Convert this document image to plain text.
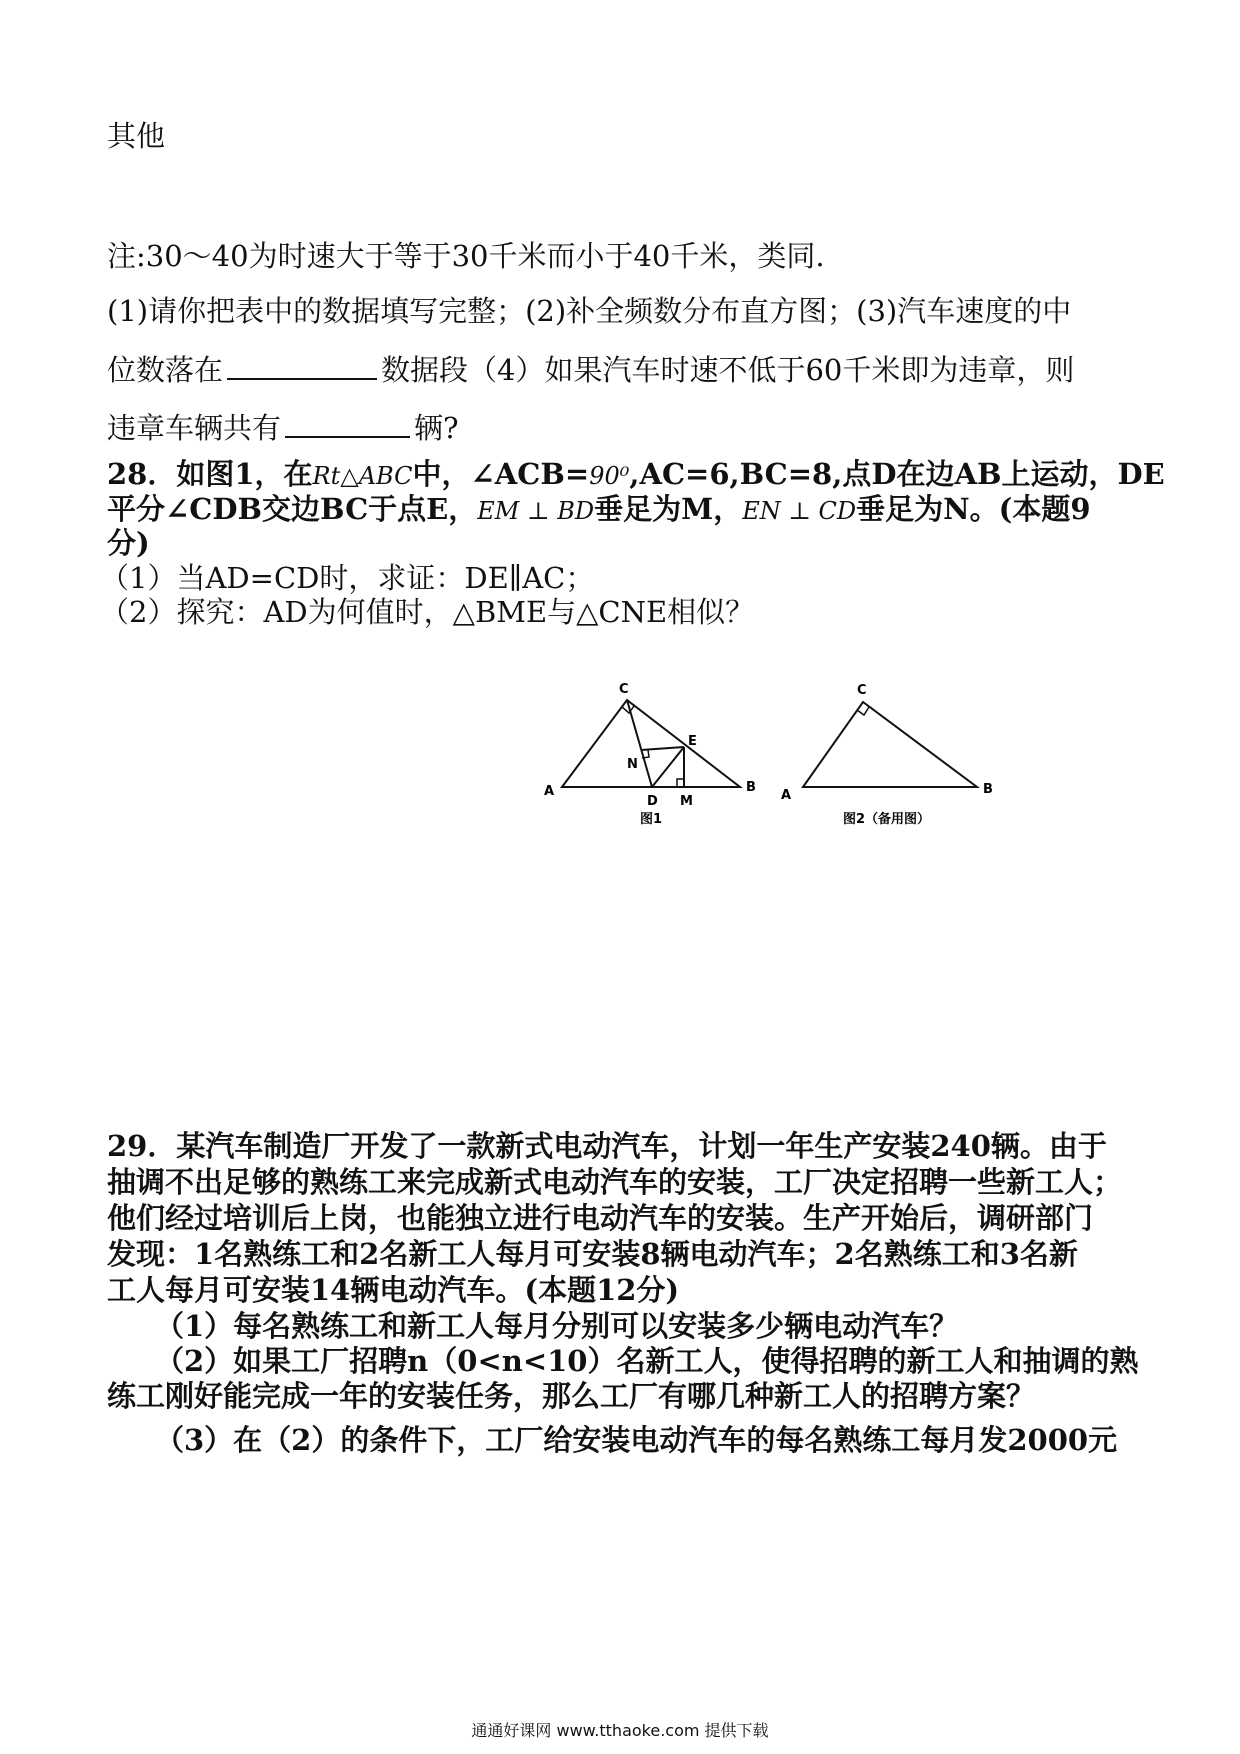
其他
注:30～40为时速大于等于30千米而小于40千米，类同.
(1)请你把表中的数据填写完整；(2)补全频数分布直方图；(3)汽车速度的中
位数落在	数据段（4）如果汽车时速不低于60千米即为违章，则
违章车辆共有	辆?
28．如图1，在Rt△ABC中，∠ACB=90⁰,AC=6,BC=8,点D在边AB上运动，DE
平分∠CDB交边BC于点E，EM ⊥ BD垂足为M，EN ⊥ CD垂足为N。(本题9
分)
（1）当AD=CD时，求证：DE∥AC；
（2）探究：AD为何值时，△BME与△CNE相似？
C
A	B
D M
E
N
图1
C
A	B
图2（备用图）
29．某汽车制造厂开发了一款新式电动汽车，计划一年生产安装240辆。由于
抽调不出足够的熟练工来完成新式电动汽车的安装，工厂决定招聘一些新工人；
他们经过培训后上岗，也能独立进行电动汽车的安装。生产开始后，调研部门
发现：1名熟练工和2名新工人每月可安装8辆电动汽车；2名熟练工和3名新
工人每月可安装14辆电动汽车。(本题12分)
（1）每名熟练工和新工人每月分别可以安装多少辆电动汽车？
（2）如果工厂招聘n（0<n<10）名新工人，使得招聘的新工人和抽调的熟
练工刚好能完成一年的安装任务，那么工厂有哪几种新工人的招聘方案？
（3）在（2）的条件下，工厂给安装电动汽车的每名熟练工每月发2000元
通通好课网 www.tthaoke.com 提供下载
